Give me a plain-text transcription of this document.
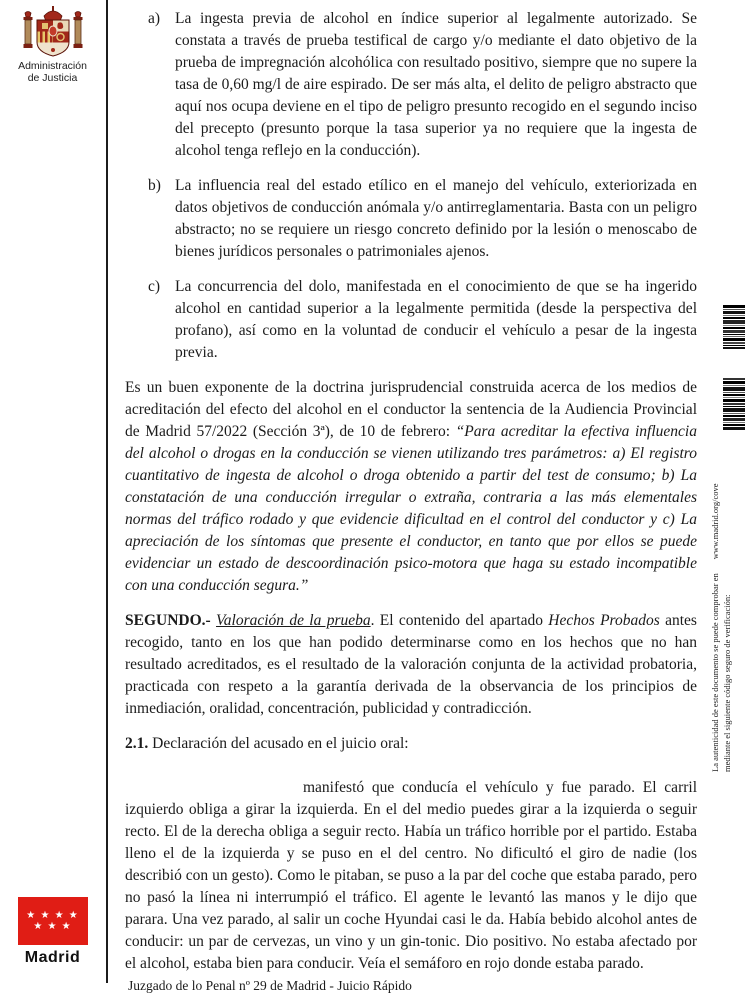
Administración
de Justicia
★ ★ ★ ★
★ ★ ★
Madrid
a) La ingesta previa de alcohol en índice superior al legalmente autorizado. Se constata a través de prueba testifical de cargo y/o mediante el dato objetivo de la prueba de impregnación alcohólica con resultado positivo, siempre que no supere la tasa de 0,60 mg/l de aire espirado. De ser más alta, el delito de peligro abstracto que aquí nos ocupa deviene en el tipo de peligro presunto recogido en el segundo inciso del precepto (presunto porque la tasa superior ya no requiere que la ingesta de alcohol tenga reflejo en la conducción).
b) La influencia real del estado etílico en el manejo del vehículo, exteriorizada en datos objetivos de conducción anómala y/o antirreglamentaria. Basta con un peligro abstracto; no se requiere un riesgo concreto definido por la lesión o menoscabo de bienes jurídicos personales o patrimoniales ajenos.
c) La concurrencia del dolo, manifestada en el conocimiento de que se ha ingerido alcohol en cantidad superior a la legalmente permitida (desde la perspectiva del profano), así como en la voluntad de conducir el vehículo a pesar de la ingesta previa.

Es un buen exponente de la doctrina jurisprudencial construida acerca de los medios de acreditación del efecto del alcohol en el conductor la sentencia de la Audiencia Provincial de Madrid 57/2022 (Sección 3ª), de 10 de febrero: “Para acreditar la efectiva influencia del alcohol o drogas en la conducción se vienen utilizando tres parámetros: a) El registro cuantitativo de ingesta de alcohol o droga obtenido a partir del test de consumo; b) La constatación de una conducción irregular o extraña, contraria a las más elementales normas del tráfico rodado y que evidencie dificultad en el control del conductor y c) La apreciación de los síntomas que presente el conductor, en tanto que por ellos se puede evidenciar un estado de descoordinación psico-motora que haga su estado incompatible con una conducción segura.”

SEGUNDO.- Valoración de la prueba. El contenido del apartado Hechos Probados antes recogido, tanto en los que han podido determinarse como en los hechos que no han resultado acreditados, es el resultado de la valoración conjunta de la actividad probatoria, practicada con respeto a la garantía derivada de la observancia de los principios de inmediación, oralidad, concentración, publicidad y contradicción.

2.1. Declaración del acusado en el juicio oral:

manifestó que conducía el vehículo y fue parado. El carril izquierdo obliga a girar la izquierda. En el del medio puedes girar a la izquierda o seguir recto. El de la derecha obliga a seguir recto. Había un tráfico horrible por el partido. Estaba lleno el de la izquierda y se puso en el del centro. No dificultó el giro de nadie (los describió con un gesto). Como le pitaban, se puso a la par del coche que estaba parado, pero no pasó la línea ni interrumpió el tráfico. El agente le levantó las manos y le dijo que parara. Una vez parado, al salir un coche Hyundai casi le da. Había bebido alcohol antes de conducir: un par de cervezas, un vino y un gin-tonic. Dio positivo. No estaba afectado por el alcohol, estaba bien para conducir. Veía el semáforo en rojo donde estaba parado.

La autenticidad de este documento se puede comprobar enwww.madrid.org/cove
mediante el siguiente código seguro de verificación:
Juzgado de lo Penal nº 29 de Madrid - Juicio Rápido
